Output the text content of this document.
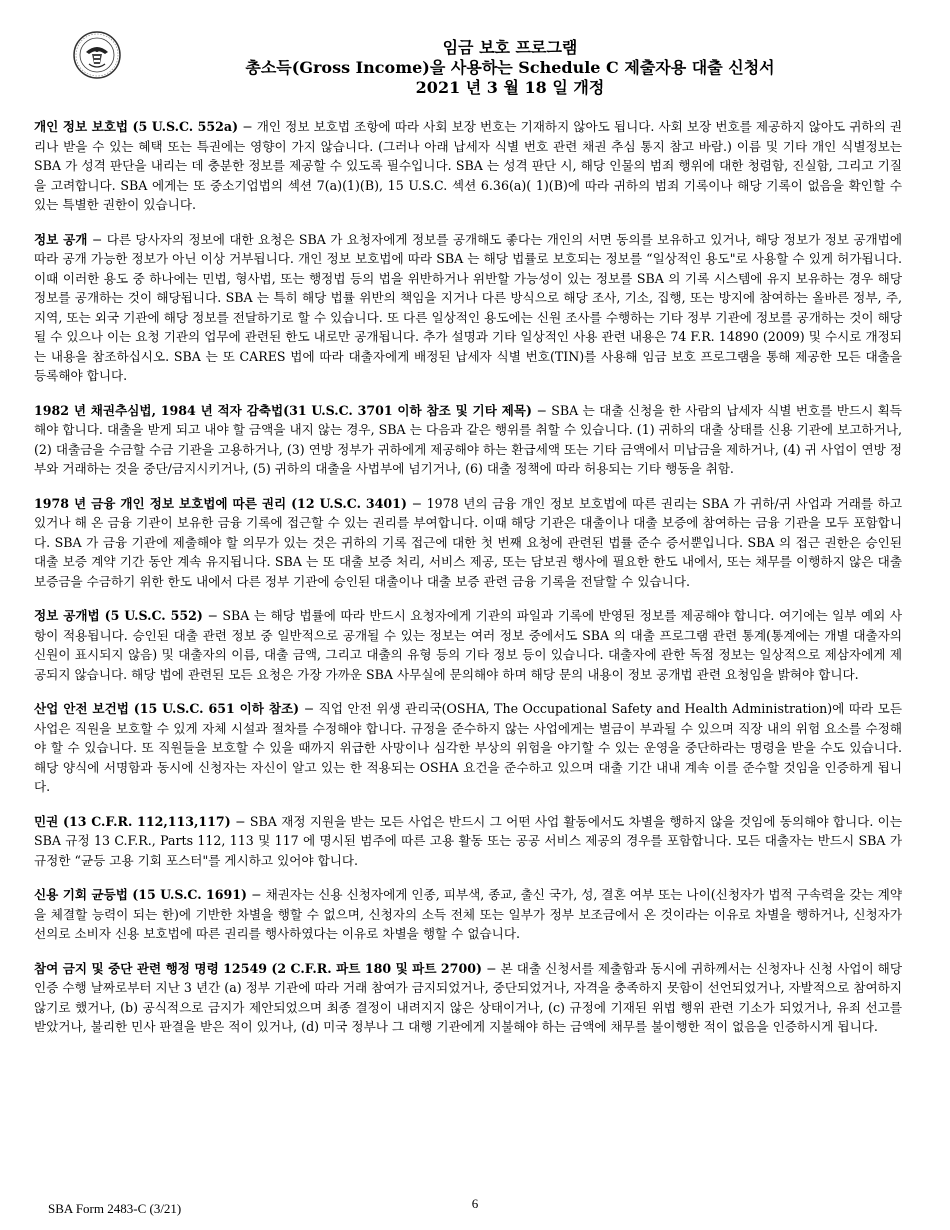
임금 보호 프로그램
총소득(Gross Income)을 사용하는 Schedule C 제출자용 대출 신청서
2021 년 3 월 18 일 개정

개인 정보 보호법 (5 U.S.C. 552a) − 개인 정보 보호법 조항에 따라 사회 보장 번호는 기재하지 않아도 됩니다. 사회 보장 번호를 제공하지 않아도 귀하의 권리나 받을 수 있는 혜택 또는 특권에는 영향이 가지 않습니다. (그러나 아래 납세자 식별 번호 관련 채권 추심 통지 참고 바람.) 이름 및 기타 개인 식별정보는 SBA 가 성격 판단을 내리는 데 충분한 정보를 제공할 수 있도록 필수입니다. SBA 는 성격 판단 시, 해당 인물의 범죄 행위에 대한 청렴함, 진실함, 그리고 기질을 고려합니다. SBA 에게는 또 중소기업법의 섹션 7(a)(1)(B), 15 U.S.C. 섹션 6.36(a)( 1)(B)에 따라 귀하의 범죄 기록이나 해당 기록이 없음을 확인할 수 있는 특별한 권한이 있습니다.

정보 공개 − 다른 당사자의 정보에 대한 요청은 SBA 가 요청자에게 정보를 공개해도 좋다는 개인의 서면 동의를 보유하고 있거나, 해당 정보가 정보 공개법에 따라 공개 가능한 정보가 아닌 이상 거부됩니다. 개인 정보 보호법에 따라 SBA 는 해당 법률로 보호되는 정보를 “일상적인 용도"로 사용할 수 있게 허가됩니다. 이때 이러한 용도 중 하나에는 민법, 형사법, 또는 행정법 등의 법을 위반하거나 위반할 가능성이 있는 정보를 SBA 의 기록 시스템에 유지 보유하는 경우 해당 정보를 공개하는 것이 해당됩니다. SBA 는 특히 해당 법률 위반의 책임을 지거나 다른 방식으로 해당 조사, 기소, 집행, 또는 방지에 참여하는 올바른 정부, 주, 지역, 또는 외국 기관에 해당 정보를 전달하기로 할 수 있습니다. 또 다른 일상적인 용도에는 신원 조사를 수행하는 기타 정부 기관에 정보를 공개하는 것이 해당될 수 있으나 이는 요청 기관의 업무에 관련된 한도 내로만 공개됩니다. 추가 설명과 기타 일상적인 사용 관련 내용은 74 F.R. 14890 (2009) 및 수시로 개정되는 내용을 참조하십시오. SBA 는 또 CARES 법에 따라 대출자에게 배정된 납세자 식별 번호(TIN)를 사용해 임금 보호 프로그램을 통해 제공한 모든 대출을 등록해야 합니다.

1982 년 채권추심법, 1984 년 적자 감축법(31 U.S.C. 3701 이하 참조 및 기타 제목) − SBA 는 대출 신청을 한 사람의 납세자 식별 번호를 반드시 획득해야 합니다. 대출을 받게 되고 내야 할 금액을 내지 않는 경우, SBA 는 다음과 같은 행위를 취할 수 있습니다. (1) 귀하의 대출 상태를 신용 기관에 보고하거나, (2) 대출금을 수금할 수금 기관을 고용하거나, (3) 연방 정부가 귀하에게 제공해야 하는 환급세액 또는 기타 금액에서 미납금을 제하거나, (4) 귀 사업이 연방 정부와 거래하는 것을 중단/금지시키거나, (5) 귀하의 대출을 사법부에 넘기거나, (6) 대출 정책에 따라 허용되는 기타 행동을 취함.

1978 년 금융 개인 정보 보호법에 따른 권리 (12 U.S.C. 3401) − 1978 년의 금융 개인 정보 보호법에 따른 권리는 SBA 가 귀하/귀 사업과 거래를 하고 있거나 해 온 금융 기관이 보유한 금융 기록에 접근할 수 있는 권리를 부여합니다. 이때 해당 기관은 대출이나 대출 보증에 참여하는 금융 기관을 모두 포함합니다. SBA 가 금융 기관에 제출해야 할 의무가 있는 것은 귀하의 기록 접근에 대한 첫 번째 요청에 관련된 법률 준수 증서뿐입니다. SBA 의 접근 권한은 승인된 대출 보증 계약 기간 동안 계속 유지됩니다. SBA 는 또 대출 보증 처리, 서비스 제공, 또는 담보권 행사에 필요한 한도 내에서, 또는 채무를 이행하지 않은 대출 보증금을 수금하기 위한 한도 내에서 다른 정부 기관에 승인된 대출이나 대출 보증 관련 금융 기록을 전달할 수 있습니다.

정보 공개법 (5 U.S.C. 552) − SBA 는 해당 법률에 따라 반드시 요청자에게 기관의 파일과 기록에 반영된 정보를 제공해야 합니다. 여기에는 일부 예외 사항이 적용됩니다. 승인된 대출 관련 정보 중 일반적으로 공개될 수 있는 정보는 여러 정보 중에서도 SBA 의 대출 프로그램 관련 통계(통계에는 개별 대출자의 신원이 표시되지 않음) 및 대출자의 이름, 대출 금액, 그리고 대출의 유형 등의 기타 정보 등이 있습니다. 대출자에 관한 독점 정보는 일상적으로 제삼자에게 제공되지 않습니다. 해당 법에 관련된 모든 요청은 가장 가까운 SBA 사무실에 문의해야 하며 해당 문의 내용이 정보 공개법 관련 요청임을 밝혀야 합니다.

산업 안전 보건법 (15 U.S.C. 651 이하 참조) − 직업 안전 위생 관리국(OSHA, The Occupational Safety and Health Administration)에 따라 모든 사업은 직원을 보호할 수 있게 자체 시설과 절차를 수정해야 합니다. 규정을 준수하지 않는 사업에게는 벌금이 부과될 수 있으며 직장 내의 위험 요소를 수정해야 할 수 있습니다. 또 직원들을 보호할 수 있을 때까지 위급한 사망이나 심각한 부상의 위험을 야기할 수 있는 운영을 중단하라는 명령을 받을 수도 있습니다. 해당 양식에 서명함과 동시에 신청자는 자신이 알고 있는 한 적용되는 OSHA 요건을 준수하고 있으며 대출 기간 내내 계속 이를 준수할 것임을 인증하게 됩니다.

민권 (13 C.F.R. 112,113,117) − SBA 재정 지원을 받는 모든 사업은 반드시 그 어떤 사업 활동에서도 차별을 행하지 않을 것임에 동의해야 합니다. 이는 SBA 규정 13 C.F.R., Parts 112, 113 및 117 에 명시된 범주에 따른 고용 활동 또는 공공 서비스 제공의 경우를 포함합니다. 모든 대출자는 반드시 SBA 가 규정한 “균등 고용 기회 포스터"를 게시하고 있어야 합니다.

신용 기회 균등법 (15 U.S.C. 1691) − 채권자는 신용 신청자에게 인종, 피부색, 종교, 출신 국가, 성, 결혼 여부 또는 나이(신청자가 법적 구속력을 갖는 계약을 체결할 능력이 되는 한)에 기반한 차별을 행할 수 없으며, 신청자의 소득 전체 또는 일부가 정부 보조금에서 온 것이라는 이유로 차별을 행하거나, 신청자가 선의로 소비자 신용 보호법에 따른 권리를 행사하였다는 이유로 차별을 행할 수 없습니다.

참여 금지 및 중단 관련 행정 명령 12549 (2 C.F.R. 파트 180 및 파트 2700) − 본 대출 신청서를 제출함과 동시에 귀하께서는 신청자나 신청 사업이 해당 인증 수행 날짜로부터 지난 3 년간 (a) 정부 기관에 따라 거래 참여가 금지되었거나, 중단되었거나, 자격을 충족하지 못함이 선언되었거나, 자발적으로 참여하지 않기로 했거나, (b) 공식적으로 금지가 제안되었으며 최종 결정이 내려지지 않은 상태이거나, (c) 규정에 기재된 위법 행위 관련 기소가 되었거나, 유죄 선고를 받았거나, 불리한 민사 판결을 받은 적이 있거나, (d) 미국 정부나 그 대행 기관에게 지불해야 하는 금액에 채무를 불이행한 적이 없음을 인증하시게 됩니다.

SBA Form 2483-C (3/21)	6
